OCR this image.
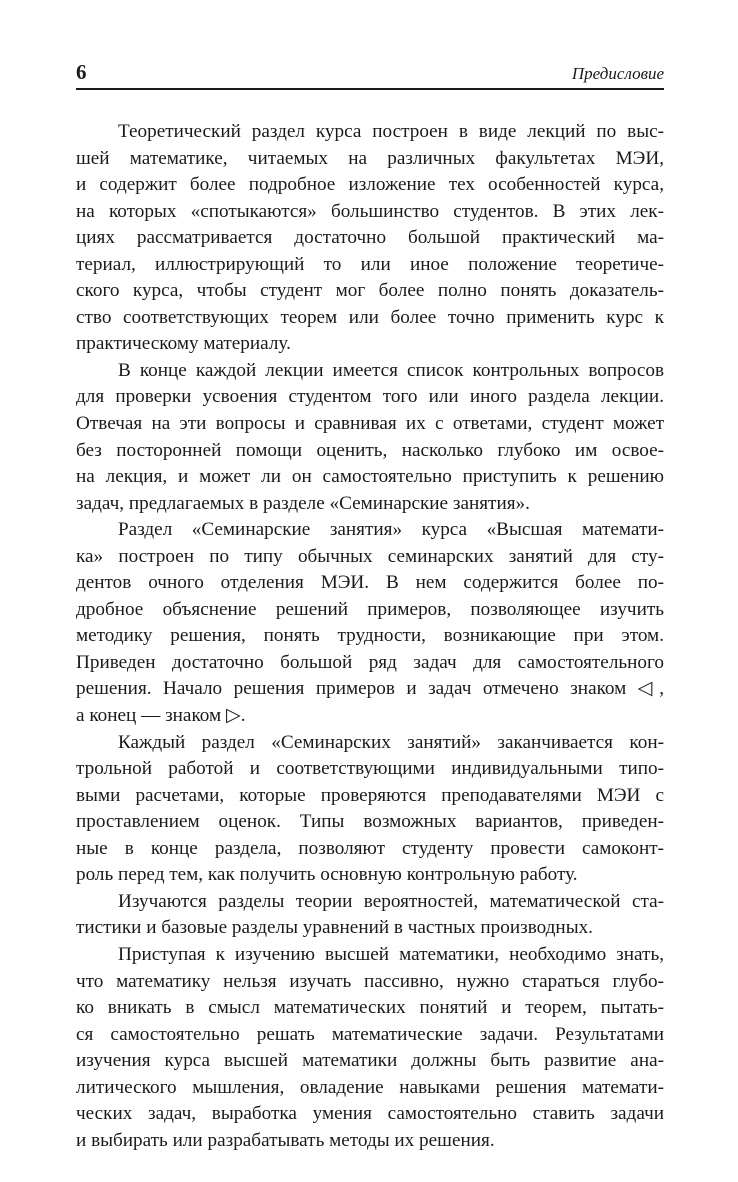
6	Предисловие
Теоретический раздел курса построен в виде лекций по выс-
шей математике, читаемых на различных факультетах МЭИ,
и содержит более подробное изложение тех особенностей курса,
на которых «спотыкаются» большинство студентов. В этих лек-
циях рассматривается достаточно большой практический ма-
териал, иллюстрирующий то или иное положение теоретиче-
ского курса, чтобы студент мог более полно понять доказатель-
ство соответствующих теорем или более точно применить курс к
практическому материалу.
В конце каждой лекции имеется список контрольных вопросов
для проверки усвоения студентом того или иного раздела лекции.
Отвечая на эти вопросы и сравнивая их с ответами, студент может
без посторонней помощи оценить, насколько глубоко им освое-
на лекция, и может ли он самостоятельно приступить к решению
задач, предлагаемых в разделе «Семинарские занятия».
Раздел «Семинарские занятия» курса «Высшая математи-
ка» построен по типу обычных семинарских занятий для сту-
дентов очного отделения МЭИ. В нем содержится более по-
дробное объяснение решений примеров, позволяющее изучить
методику решения, понять трудности, возникающие при этом.
Приведен достаточно большой ряд задач для самостоятельного
решения. Начало решения примеров и задач отмечено знаком ◁,
а конец — знаком ▷.
Каждый раздел «Семинарских занятий» заканчивается кон-
трольной работой и соответствующими индивидуальными типо-
выми расчетами, которые проверяются преподавателями МЭИ с
проставлением оценок. Типы возможных вариантов, приведен-
ные в конце раздела, позволяют студенту провести самоконт-
роль перед тем, как получить основную контрольную работу.
Изучаются разделы теории вероятностей, математической ста-
тистики и базовые разделы уравнений в частных производных.
Приступая к изучению высшей математики, необходимо знать,
что математику нельзя изучать пассивно, нужно стараться глубо-
ко вникать в смысл математических понятий и теорем, пытать-
ся самостоятельно решать математические задачи. Результатами
изучения курса высшей математики должны быть развитие ана-
литического мышления, овладение навыками решения математи-
ческих задач, выработка умения самостоятельно ставить задачи
и выбирать или разрабатывать методы их решения.
